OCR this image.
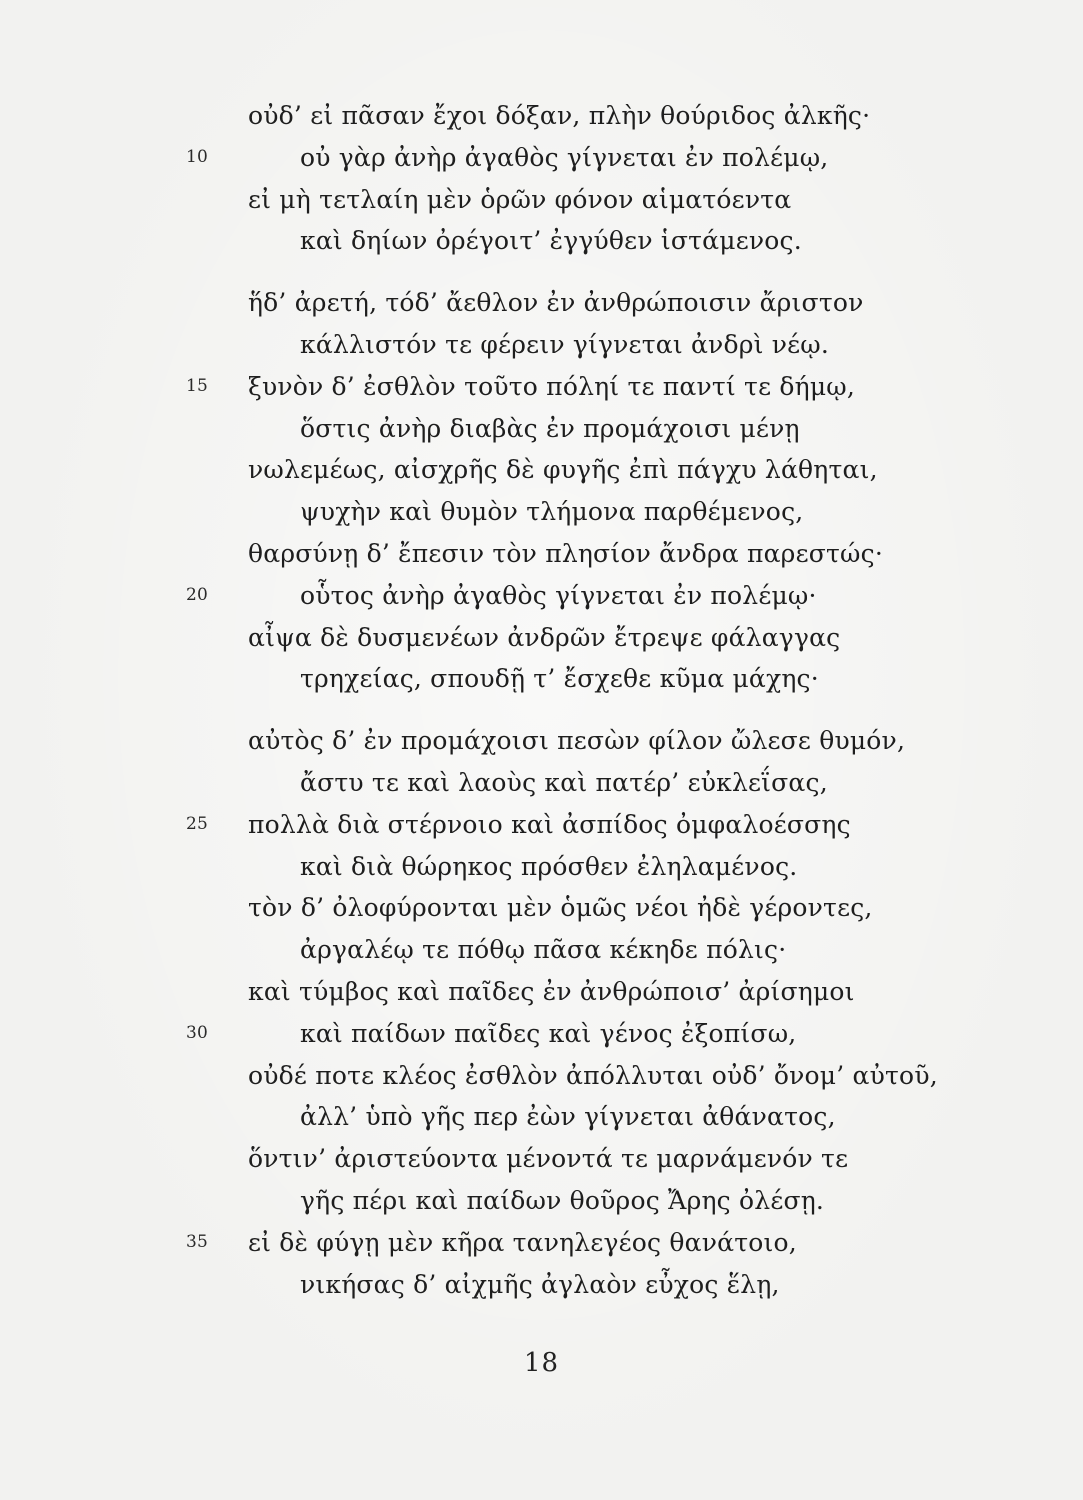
οὐδ’ εἰ πᾶσαν ἔχοι δόξαν, πλὴν θούριδος ἀλκῆς·
10	οὐ γὰρ ἀνὴρ ἀγαθὸς γίγνεται ἐν πολέμῳ,
εἰ μὴ τετλαίη μὲν ὁρῶν φόνον αἱματόεντα
καὶ δηίων ὀρέγοιτ’ ἐγγύθεν ἱστάμενος.
ἥδ’ ἀρετή, τόδ’ ἄεθλον ἐν ἀνθρώποισιν ἄριστον
κάλλιστόν τε φέρειν γίγνεται ἀνδρὶ νέῳ.
15 ξυνὸν δ’ ἐσθλὸν τοῦτο πόληί τε παντί τε δήμῳ,
ὅστις ἀνὴρ διαβὰς ἐν προμάχοισι μένῃ
νωλεμέως, αἰσχρῆς δὲ φυγῆς ἐπὶ πάγχυ λάθηται,
ψυχὴν καὶ θυμὸν τλήμονα παρθέμενος,
θαρσύνῃ δ’ ἔπεσιν τὸν πλησίον ἄνδρα παρεστώς·
20	οὗτος ἀνὴρ ἀγαθὸς γίγνεται ἐν πολέμῳ·
αἶψα δὲ δυσμενέων ἀνδρῶν ἔτρεψε φάλαγγας
τρηχείας, σπουδῇ τ’ ἔσχεθε κῦμα μάχης·
αὐτὸς δ’ ἐν προμάχοισι πεσὼν φίλον ὤλεσε θυμόν,
ἄστυ τε καὶ λαοὺς καὶ πατέρ’ εὐκλεΐσας,
25 πολλὰ διὰ στέρνοιο καὶ ἀσπίδος ὀμφαλοέσσης
καὶ διὰ θώρηκος πρόσθεν ἐληλαμένος.
τὸν δ’ ὀλοφύρονται μὲν ὁμῶς νέοι ἠδὲ γέροντες,
ἀργαλέῳ τε πόθῳ πᾶσα κέκηδε πόλις·
καὶ τύμβος καὶ παῖδες ἐν ἀνθρώποισ’ ἀρίσημοι
30	καὶ παίδων παῖδες καὶ γένος ἐξοπίσω,
οὐδέ ποτε κλέος ἐσθλὸν ἀπόλλυται οὐδ’ ὄνομ’ αὐτοῦ,
ἀλλ’ ὑπὸ γῆς περ ἐὼν γίγνεται ἀθάνατος,
ὅντιν’ ἀριστεύοντα μένοντά τε μαρνάμενόν τε
γῆς πέρι καὶ παίδων θοῦρος Ἄρης ὀλέσῃ.
35 εἰ δὲ φύγῃ μὲν κῆρα τανηλεγέος θανάτοιο,
νικήσας δ’ αἰχμῆς ἀγλαὸν εὖχος ἕλῃ,
18
